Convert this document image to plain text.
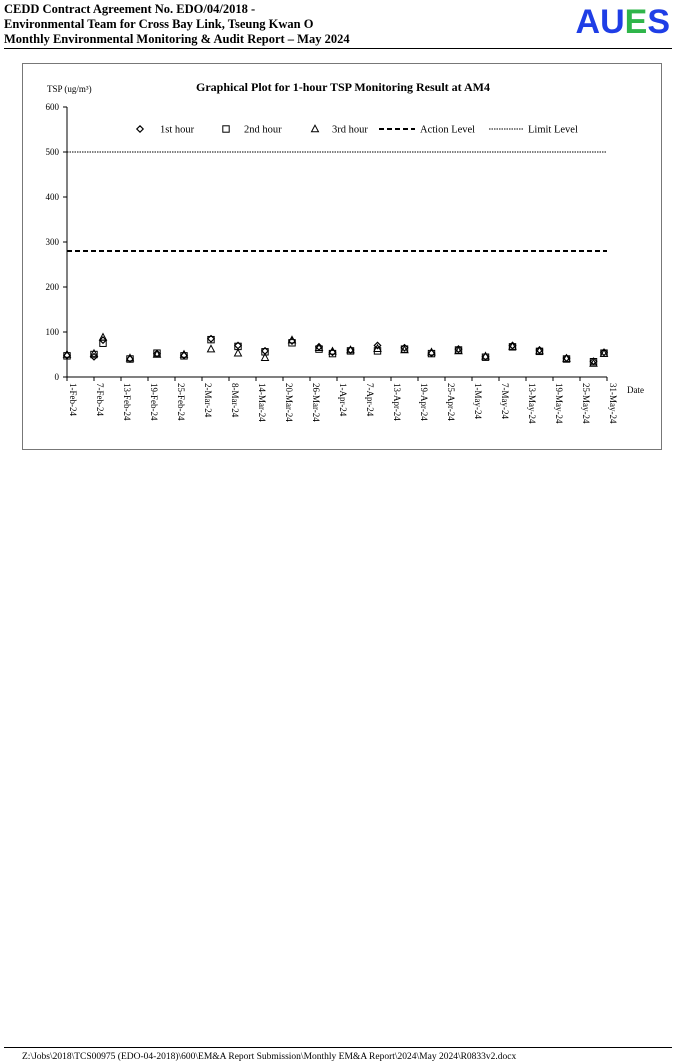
CEDD Contract Agreement No. EDO/04/2018 -
Environmental Team for Cross Bay Link, Tseung Kwan O
Monthly Environmental Monitoring & Audit Report – May 2024	AUES
Graphical Plot for 1-hour TSP Monitoring Result at AM4
TSP (ug/m³)
0
100
200
300
400
500
600
1-Feb-24 7-Feb-24 13-Feb-24 19-Feb-24 25-Feb-24 2-Mar-24 8-Mar-24 14-Mar-24 20-Mar-24 26-Mar-24 1-Apr-24 7-Apr-24 13-Apr-24 19-Apr-24 25-Apr-24 1-May-24 7-May-24 13-May-24 19-May-24 25-May-24 31-May-24 Date
1st hour	2nd hour	3rd hour	Action Level	Limit Level
Z:\Jobs\2018\TCS00975 (EDO-04-2018)\600\EM&A Report Submission\Monthly EM&A Report\2024\May 2024\R0833v2.docx
